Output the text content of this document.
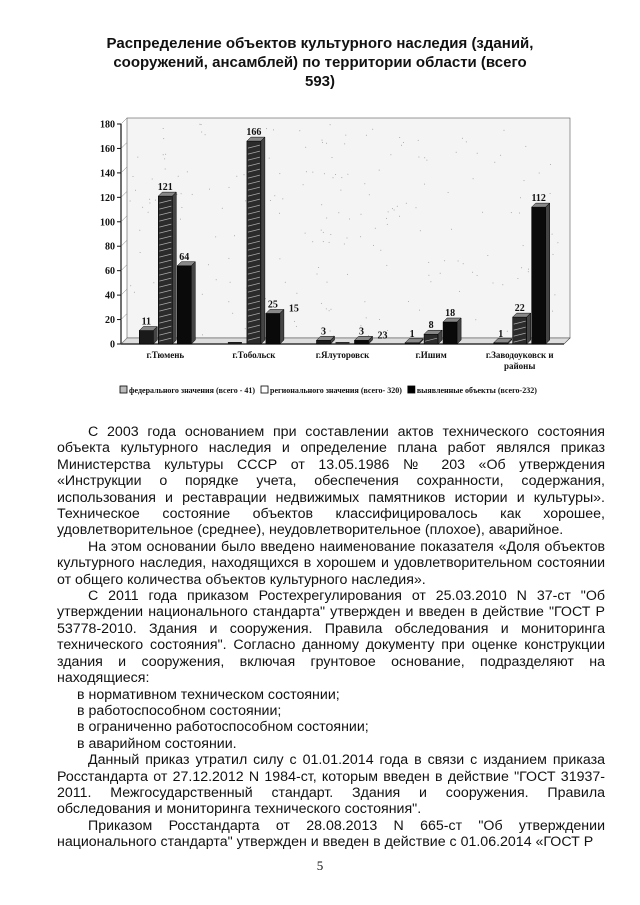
Распределение объектов культурного наследия (зданий,
сооружений, ансамблей) по территории области (всего 593)
0
20
40
60
80
100
120
140
160
180
11
121
64
166
25
3	3	1
8
18
1
22
112
15
23
г.Тюмень	г.Тобольск	г.Ялуторовск	г.Ишим	г.Заводоуковск и
районы
федерального значения (всего - 41) регионального значения (всего- 320) выявленные объекты (всего-232)

С 2003 года основанием при составлении актов технического состояния объекта культурного наследия и определение плана работ являлся приказ Министерства культуры СССР от 13.05.1986 № 203 «Об утверждения «Инструкции о порядке учета, обеспечения сохранности, содержания, использования и реставрации недвижимых памятников истории и культуры». Техническое состояние объектов классифицировалось как хорошее, удовлетворительное (среднее), неудовлетворительное (плохое), аварийное.

На этом основании было введено наименование показателя «Доля объектов культурного наследия, находящихся в хорошем и удовлетворительном состоянии от общего количества объектов культурного наследия».

С 2011 года приказом Ростехрегулирования от 25.03.2010 N 37-ст "Об утверждении национального стандарта" утвержден и введен в действие "ГОСТ Р 53778-2010. Здания и сооружения. Правила обследования и мониторинга технического состояния". Согласно данному документу при оценке конструкции здания и сооружения, включая грунтовое основание, подразделяют на находящиеся:

в нормативном техническом состоянии;

в работоспособном состоянии;

в ограниченно работоспособном состоянии;

в аварийном состоянии.

Данный приказ утратил силу с 01.01.2014 года в связи с изданием приказа Росстандарта от 27.12.2012 N 1984-ст, которым введен в действие "ГОСТ 31937-2011. Межгосударственный стандарт. Здания и сооружения. Правила обследования и мониторинга технического состояния".

Приказом Росстандарта от 28.08.2013 N 665-ст "Об утверждении национального стандарта" утвержден и введен в действие с 01.06.2014 «ГОСТ Р

5
